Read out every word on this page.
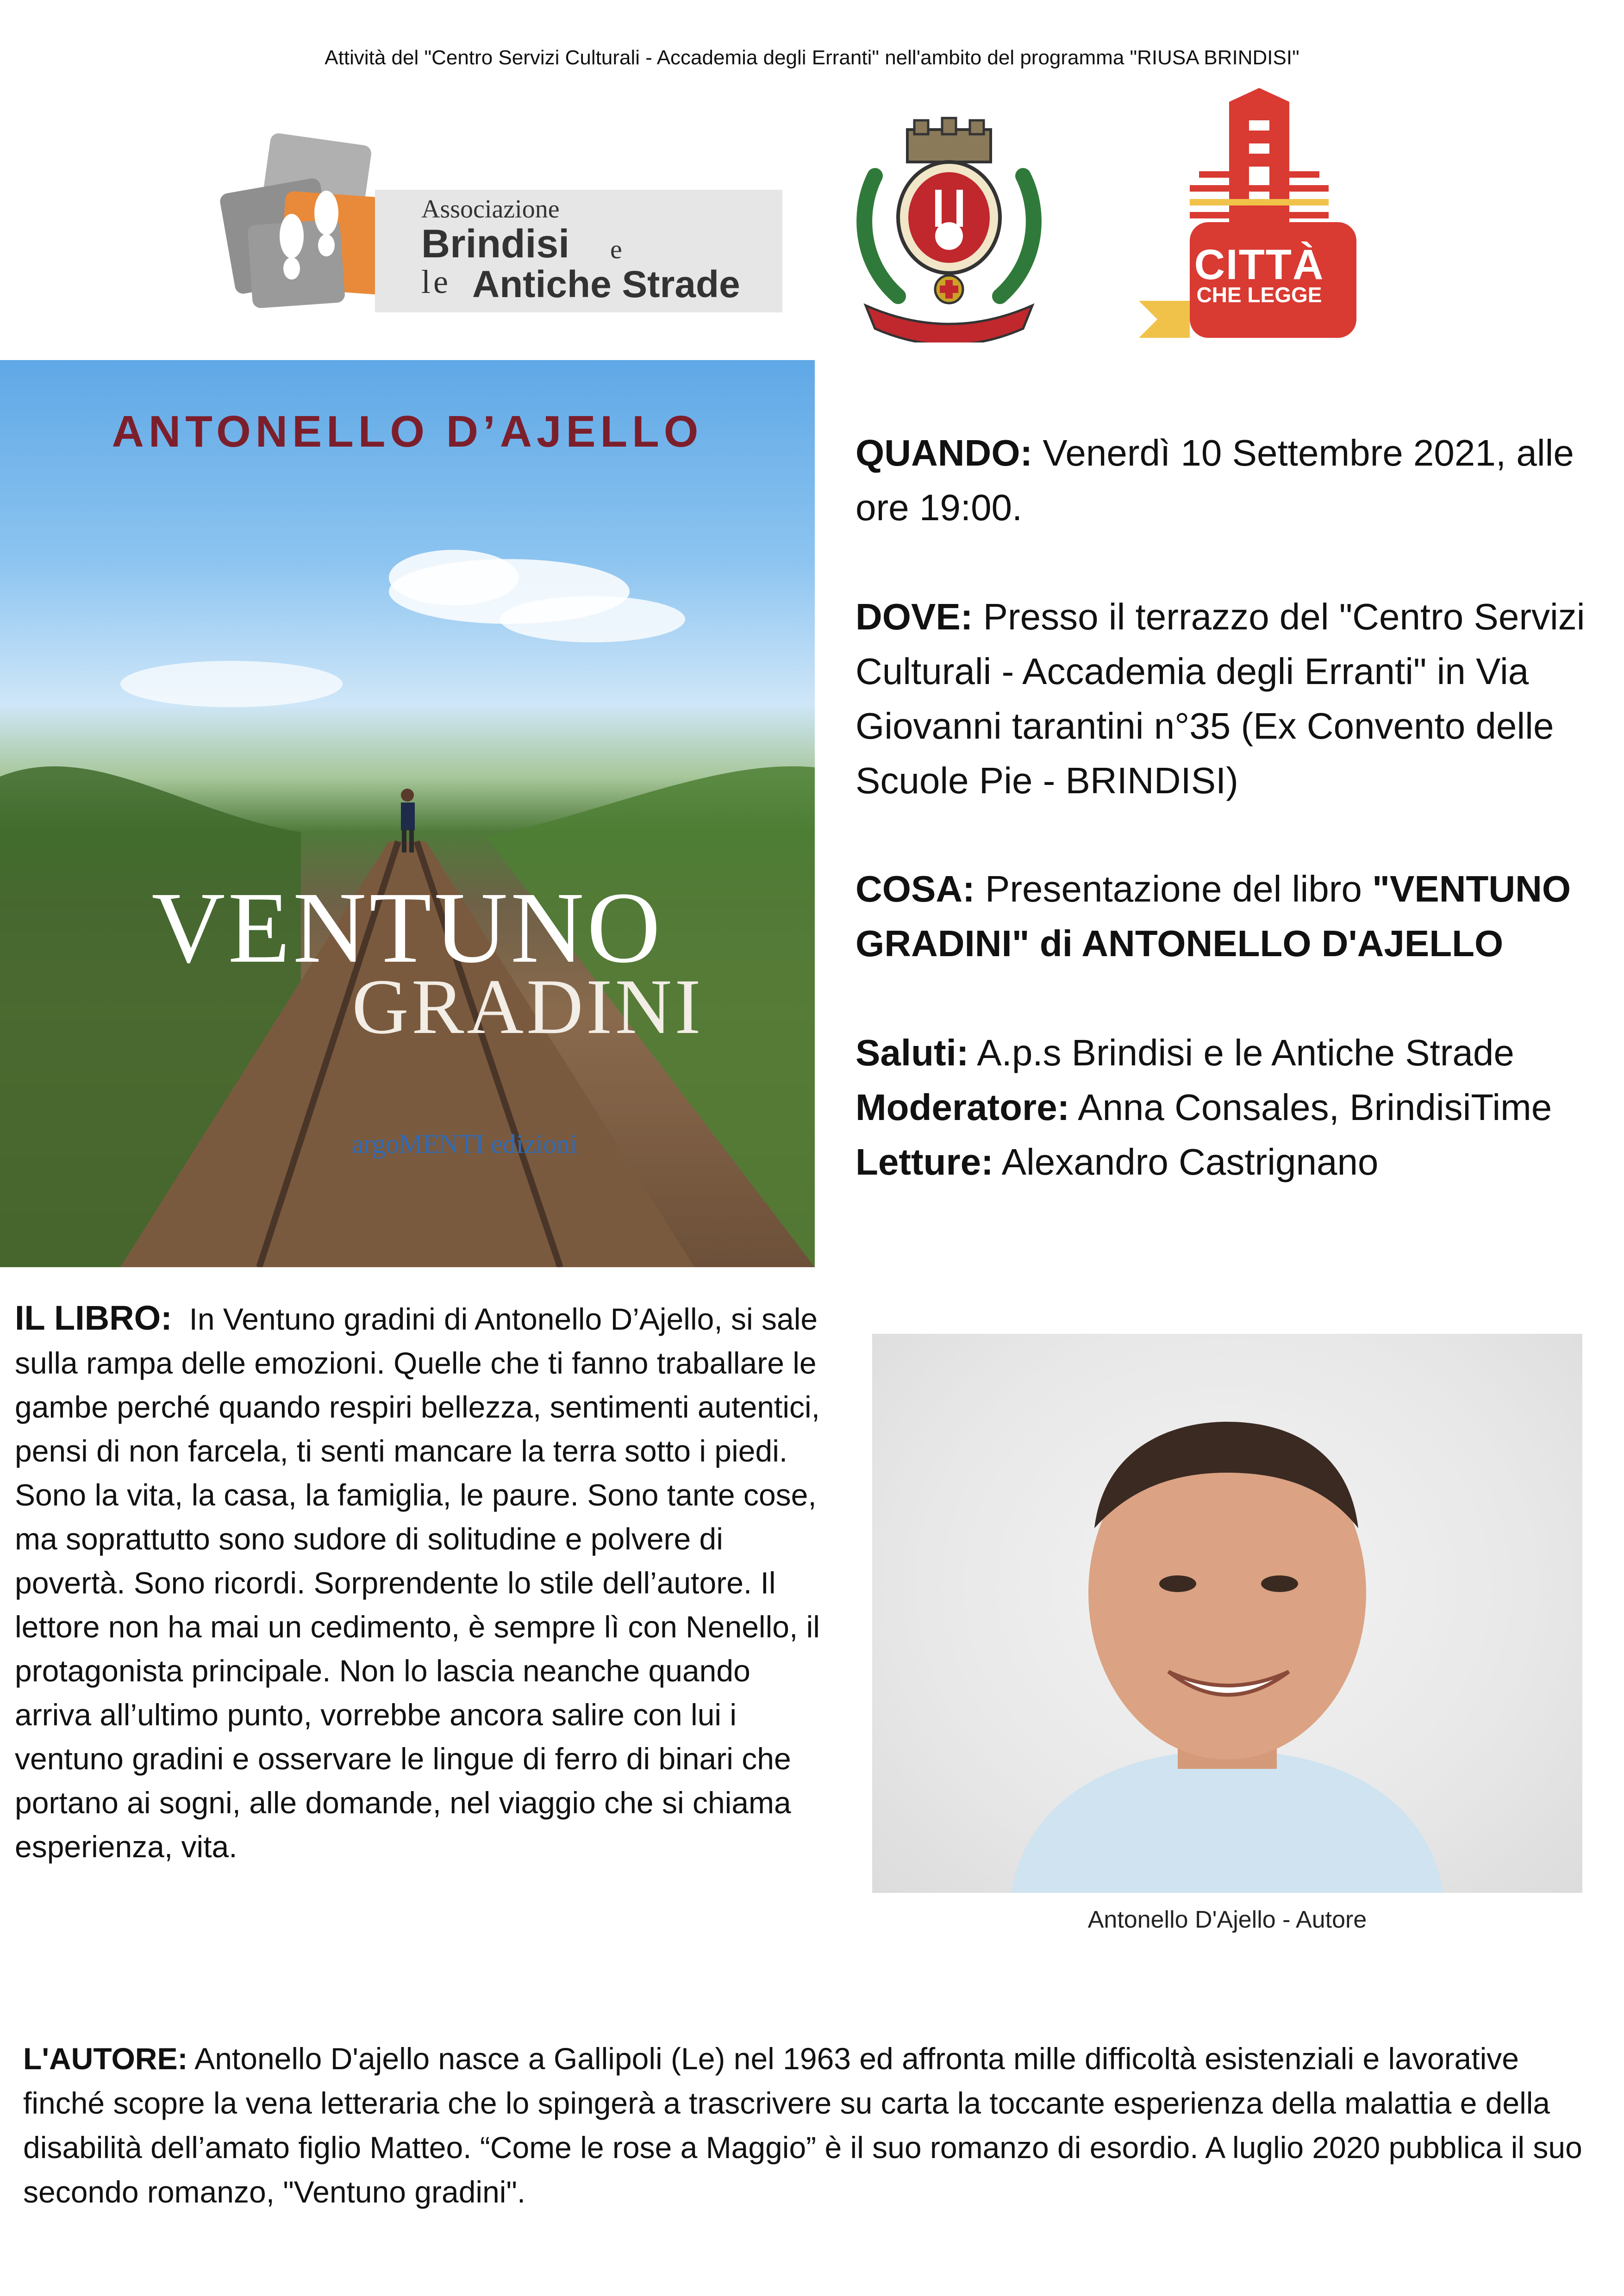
Attività del "Centro Servizi Culturali - Accademia degli Erranti" nell'ambito del programma "RIUSA BRINDISI"
Associazione
Brindisi e
le Antiche Strade	CITTÀ
CHE LEGGE
ANTONELLO D’AJELLO
VENTUNO
GRADINI
argoMENTI edizioni
QUANDO: Venerdì 10 Settembre 2021, alle ore 19:00.
DOVE: Presso il terrazzo del "Centro Servizi Culturali - Accademia degli Erranti" in Via Giovanni tarantini n°35 (Ex Convento delle Scuole Pie - BRINDISI)
COSA: Presentazione del libro "VENTUNO GRADINI" di ANTONELLO D'AJELLO
Saluti: A.p.s Brindisi e le Antiche Strade
Moderatore: Anna Consales, BrindisiTime
Letture: Alexandro Castrignano
IL LIBRO: In Ventuno gradini di Antonello D’Ajello, si sale sulla rampa delle emozioni. Quelle che ti fanno traballare le gambe perché quando respiri bellezza, sentimenti autentici, pensi di non farcela, ti senti mancare la terra sotto i piedi. Sono la vita, la casa, la famiglia, le paure. Sono tante cose, ma soprattutto sono sudore di solitudine e polvere di povertà. Sono ricordi. Sorprendente lo stile dell’autore. Il lettore non ha mai un cedimento, è sempre lì con Nenello, il protagonista principale. Non lo lascia neanche quando arriva all’ultimo punto, vorrebbe ancora salire con lui i ventuno gradini e osservare le lingue di ferro di binari che portano ai sogni, alle domande, nel viaggio che si chiama esperienza, vita.
Antonello D'Ajello - Autore
L'AUTORE: Antonello D'ajello nasce a Gallipoli (Le) nel 1963 ed affronta mille difficoltà esistenziali e lavorative finché scopre la vena letteraria che lo spingerà a trascrivere su carta la toccante esperienza della malattia e della disabilità dell’amato figlio Matteo. “Come le rose a Maggio” è il suo romanzo di esordio. A luglio 2020 pubblica il suo secondo romanzo, "Ventuno gradini".
